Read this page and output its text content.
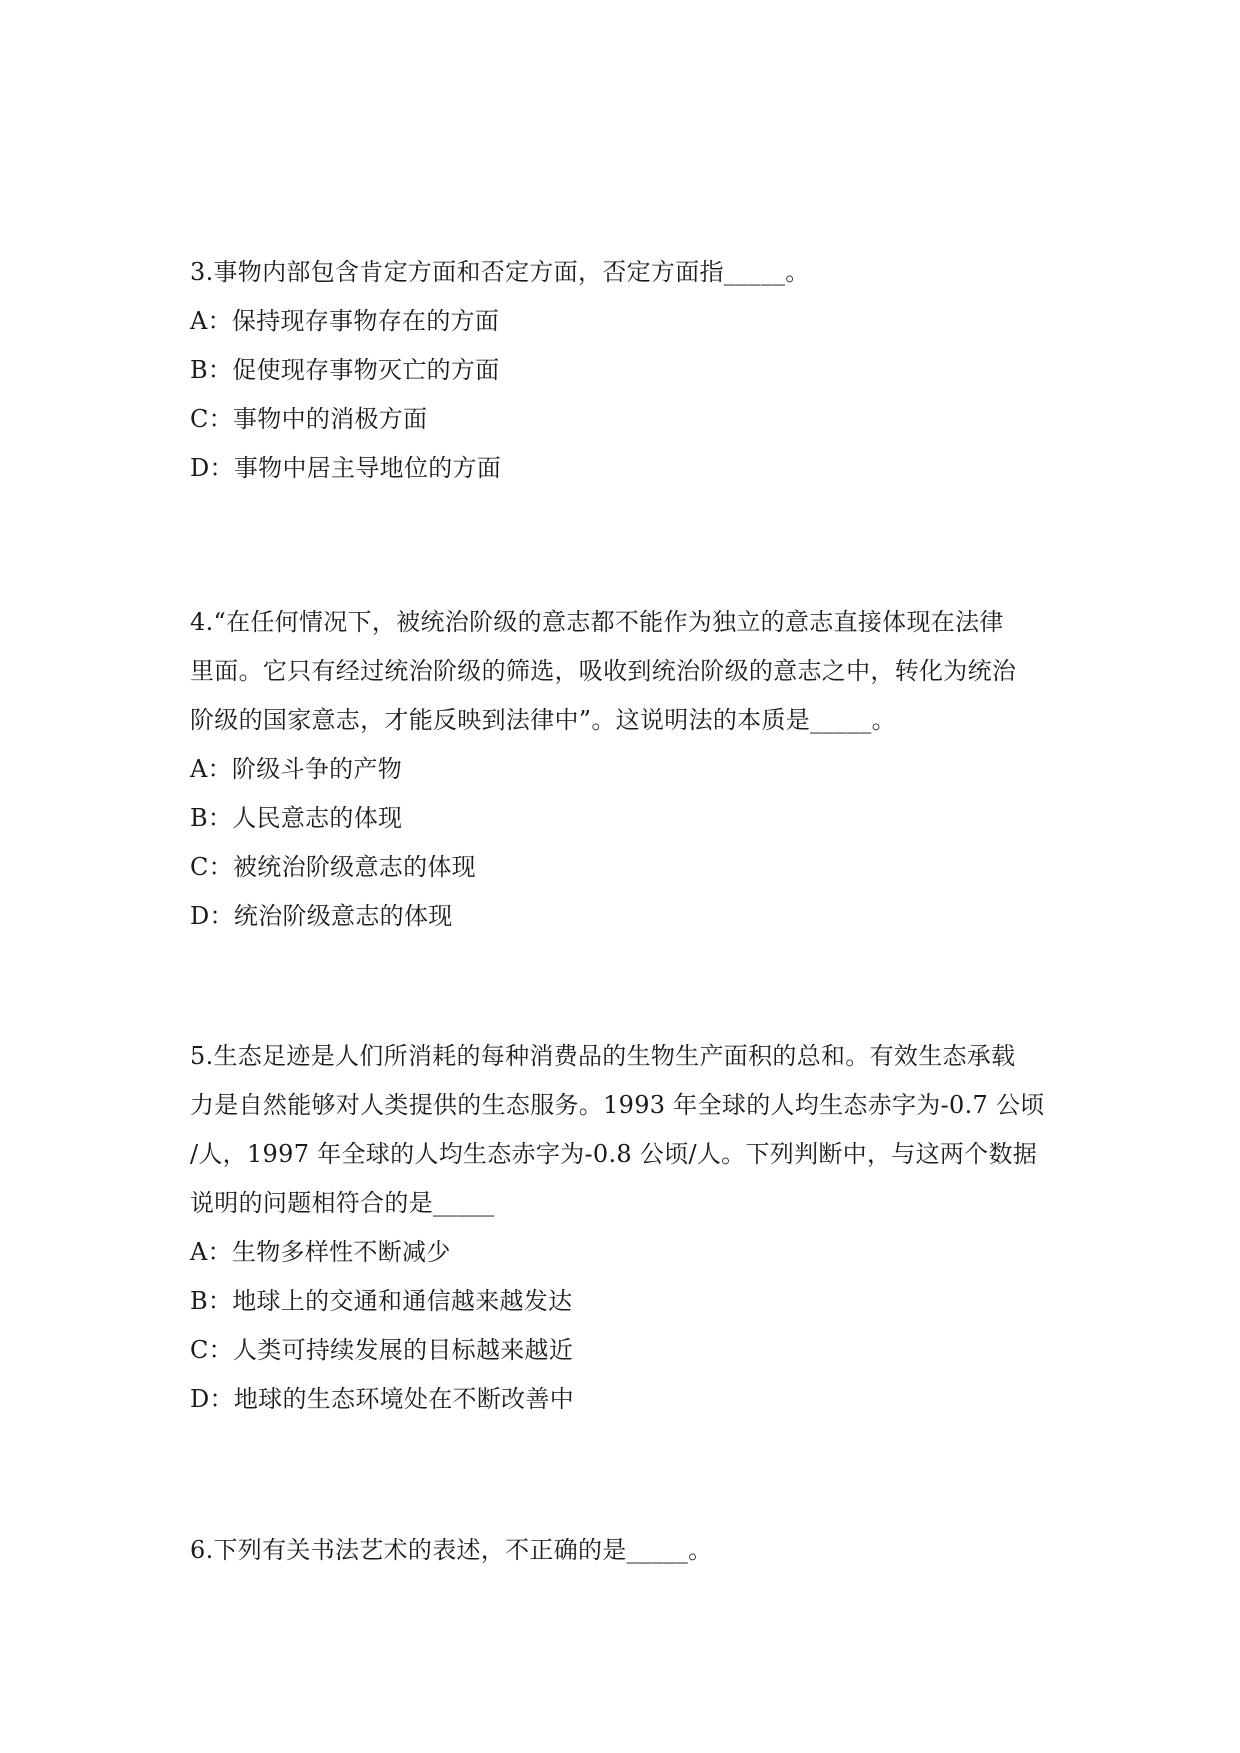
3.事物内部包含肯定方面和否定方面，否定方面指_____。
A：保持现存事物存在的方面
B：促使现存事物灭亡的方面
C：事物中的消极方面
D：事物中居主导地位的方面
4.“在任何情况下，被统治阶级的意志都不能作为独立的意志直接体现在法律
里面。它只有经过统治阶级的筛选，吸收到统治阶级的意志之中，转化为统治
阶级的国家意志，才能反映到法律中”。这说明法的本质是_____。
A：阶级斗争的产物
B：人民意志的体现
C：被统治阶级意志的体现
D：统治阶级意志的体现
5.生态足迹是人们所消耗的每种消费品的生物生产面积的总和。有效生态承载
力是自然能够对人类提供的生态服务。1993 年全球的人均生态赤字为-0.7 公顷
/人，1997 年全球的人均生态赤字为-0.8 公顷/人。下列判断中，与这两个数据
说明的问题相符合的是_____
A：生物多样性不断减少
B：地球上的交通和通信越来越发达
C：人类可持续发展的目标越来越近
D：地球的生态环境处在不断改善中
6.下列有关书法艺术的表述，不正确的是_____。
